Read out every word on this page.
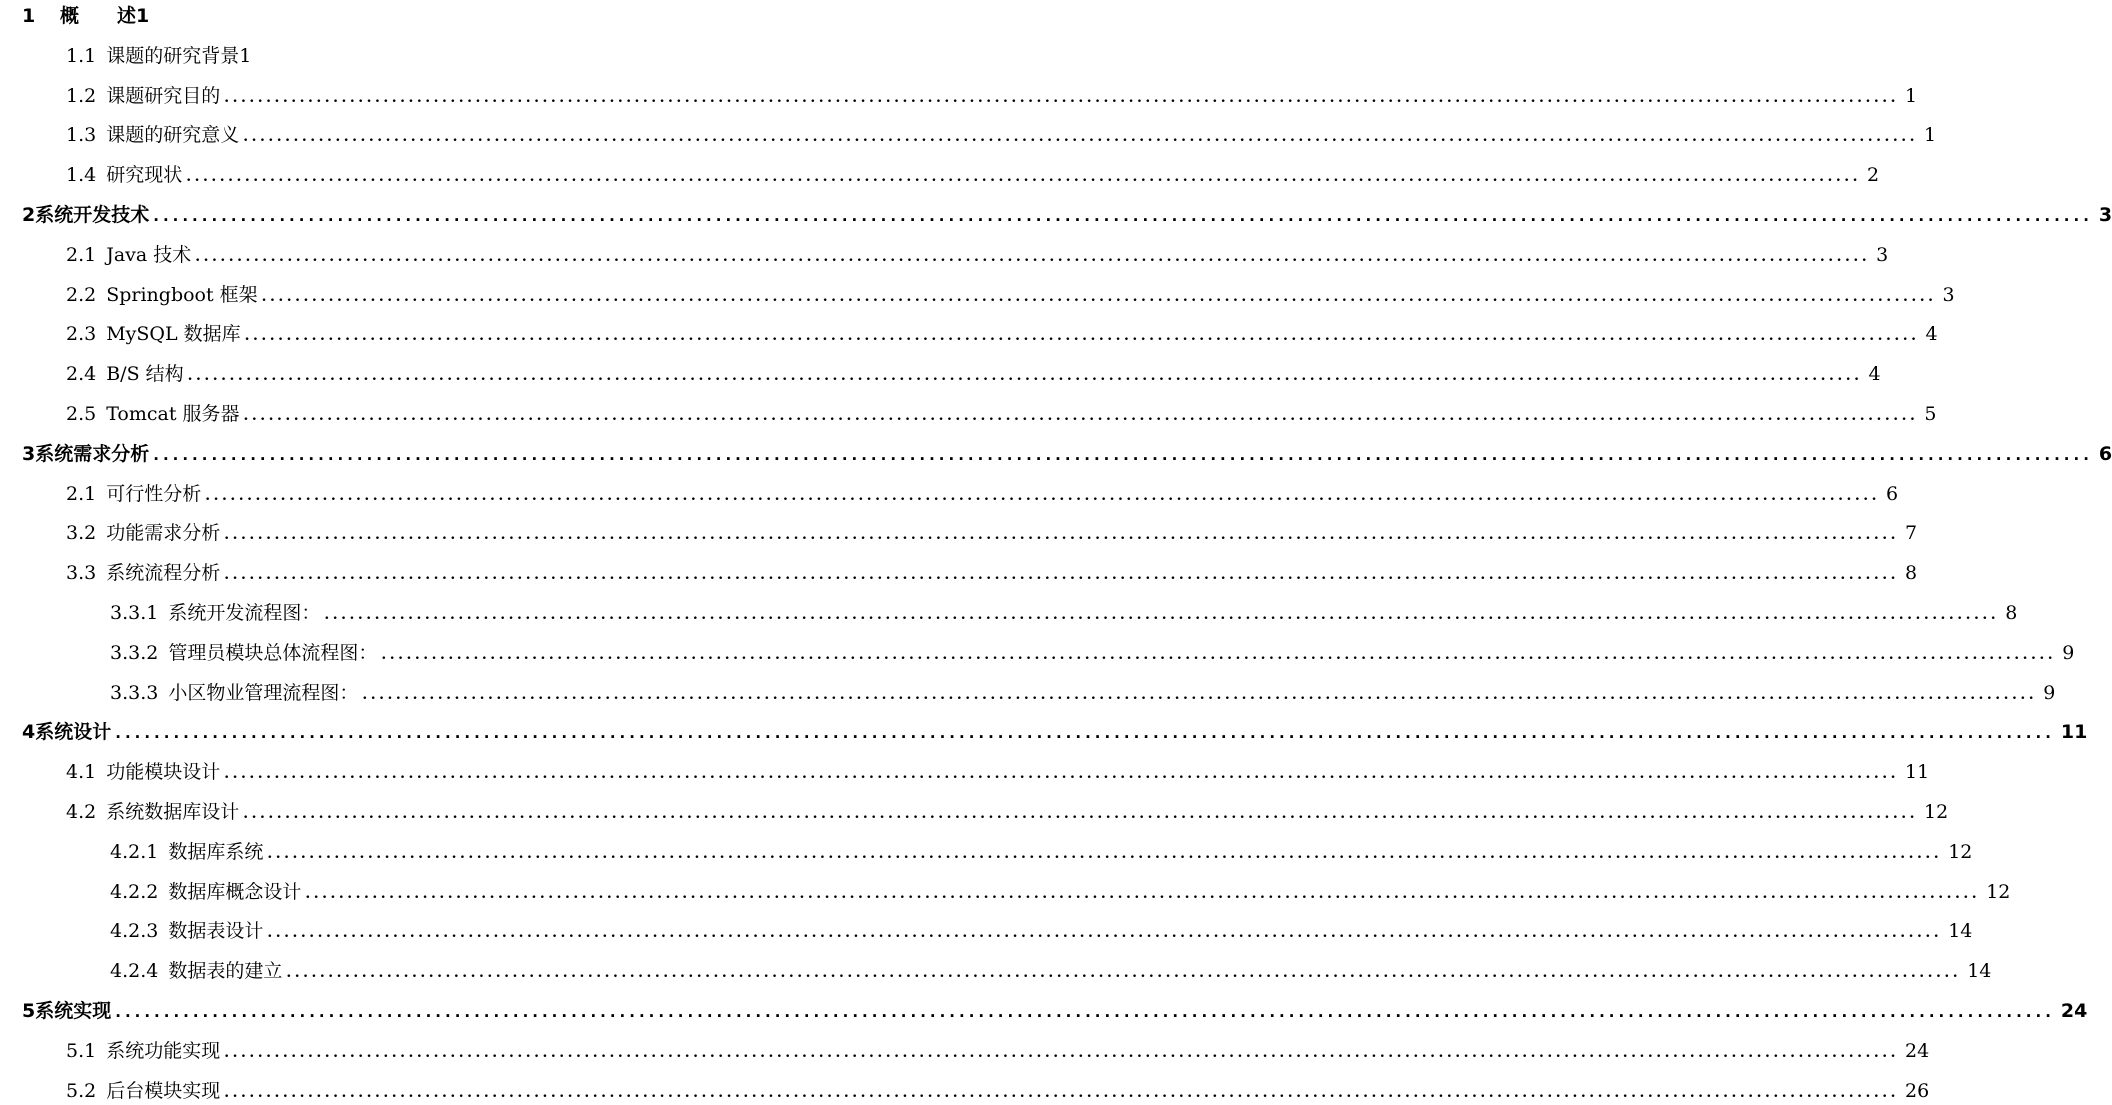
1	概　　述1
1.1 课题的研究背景1
1.2 课题研究目的 ........................................................................................................................................................................................................ 1
1.3 课题的研究意义 ........................................................................................................................................................................................................ 1
1.4 研究现状 ........................................................................................................................................................................................................ 2
2 系统开发技术 ........................................................................................................................................................................................................ 3
2.1 Java 技术 ........................................................................................................................................................................................................ 3
2.2 Springboot 框架 ........................................................................................................................................................................................................ 3
2.3 MySQL 数据库 ........................................................................................................................................................................................................ 4
2.4 B/S 结构 ........................................................................................................................................................................................................ 4
2.5 Tomcat 服务器 ........................................................................................................................................................................................................ 5
3 系统需求分析 ........................................................................................................................................................................................................ 6
2.1 可行性分析 ........................................................................................................................................................................................................ 6
3.2 功能需求分析 ........................................................................................................................................................................................................ 7
3.3 系统流程分析 ........................................................................................................................................................................................................ 8
3.3.1 系统开发流程图： ........................................................................................................................................................................................................ 8
3.3.2 管理员模块总体流程图： ........................................................................................................................................................................................................ 9
3.3.3 小区物业管理流程图： ........................................................................................................................................................................................................ 9
4 系统设计 ........................................................................................................................................................................................................ 11
4.1 功能模块设计 ........................................................................................................................................................................................................ 11
4.2 系统数据库设计 ........................................................................................................................................................................................................ 12
4.2.1 数据库系统 ........................................................................................................................................................................................................ 12
4.2.2 数据库概念设计 ........................................................................................................................................................................................................ 12
4.2.3 数据表设计 ........................................................................................................................................................................................................ 14
4.2.4 数据表的建立 ........................................................................................................................................................................................................ 14
5 系统实现 ........................................................................................................................................................................................................ 24
5.1 系统功能实现 ........................................................................................................................................................................................................ 24
5.2 后台模块实现 ........................................................................................................................................................................................................ 26
